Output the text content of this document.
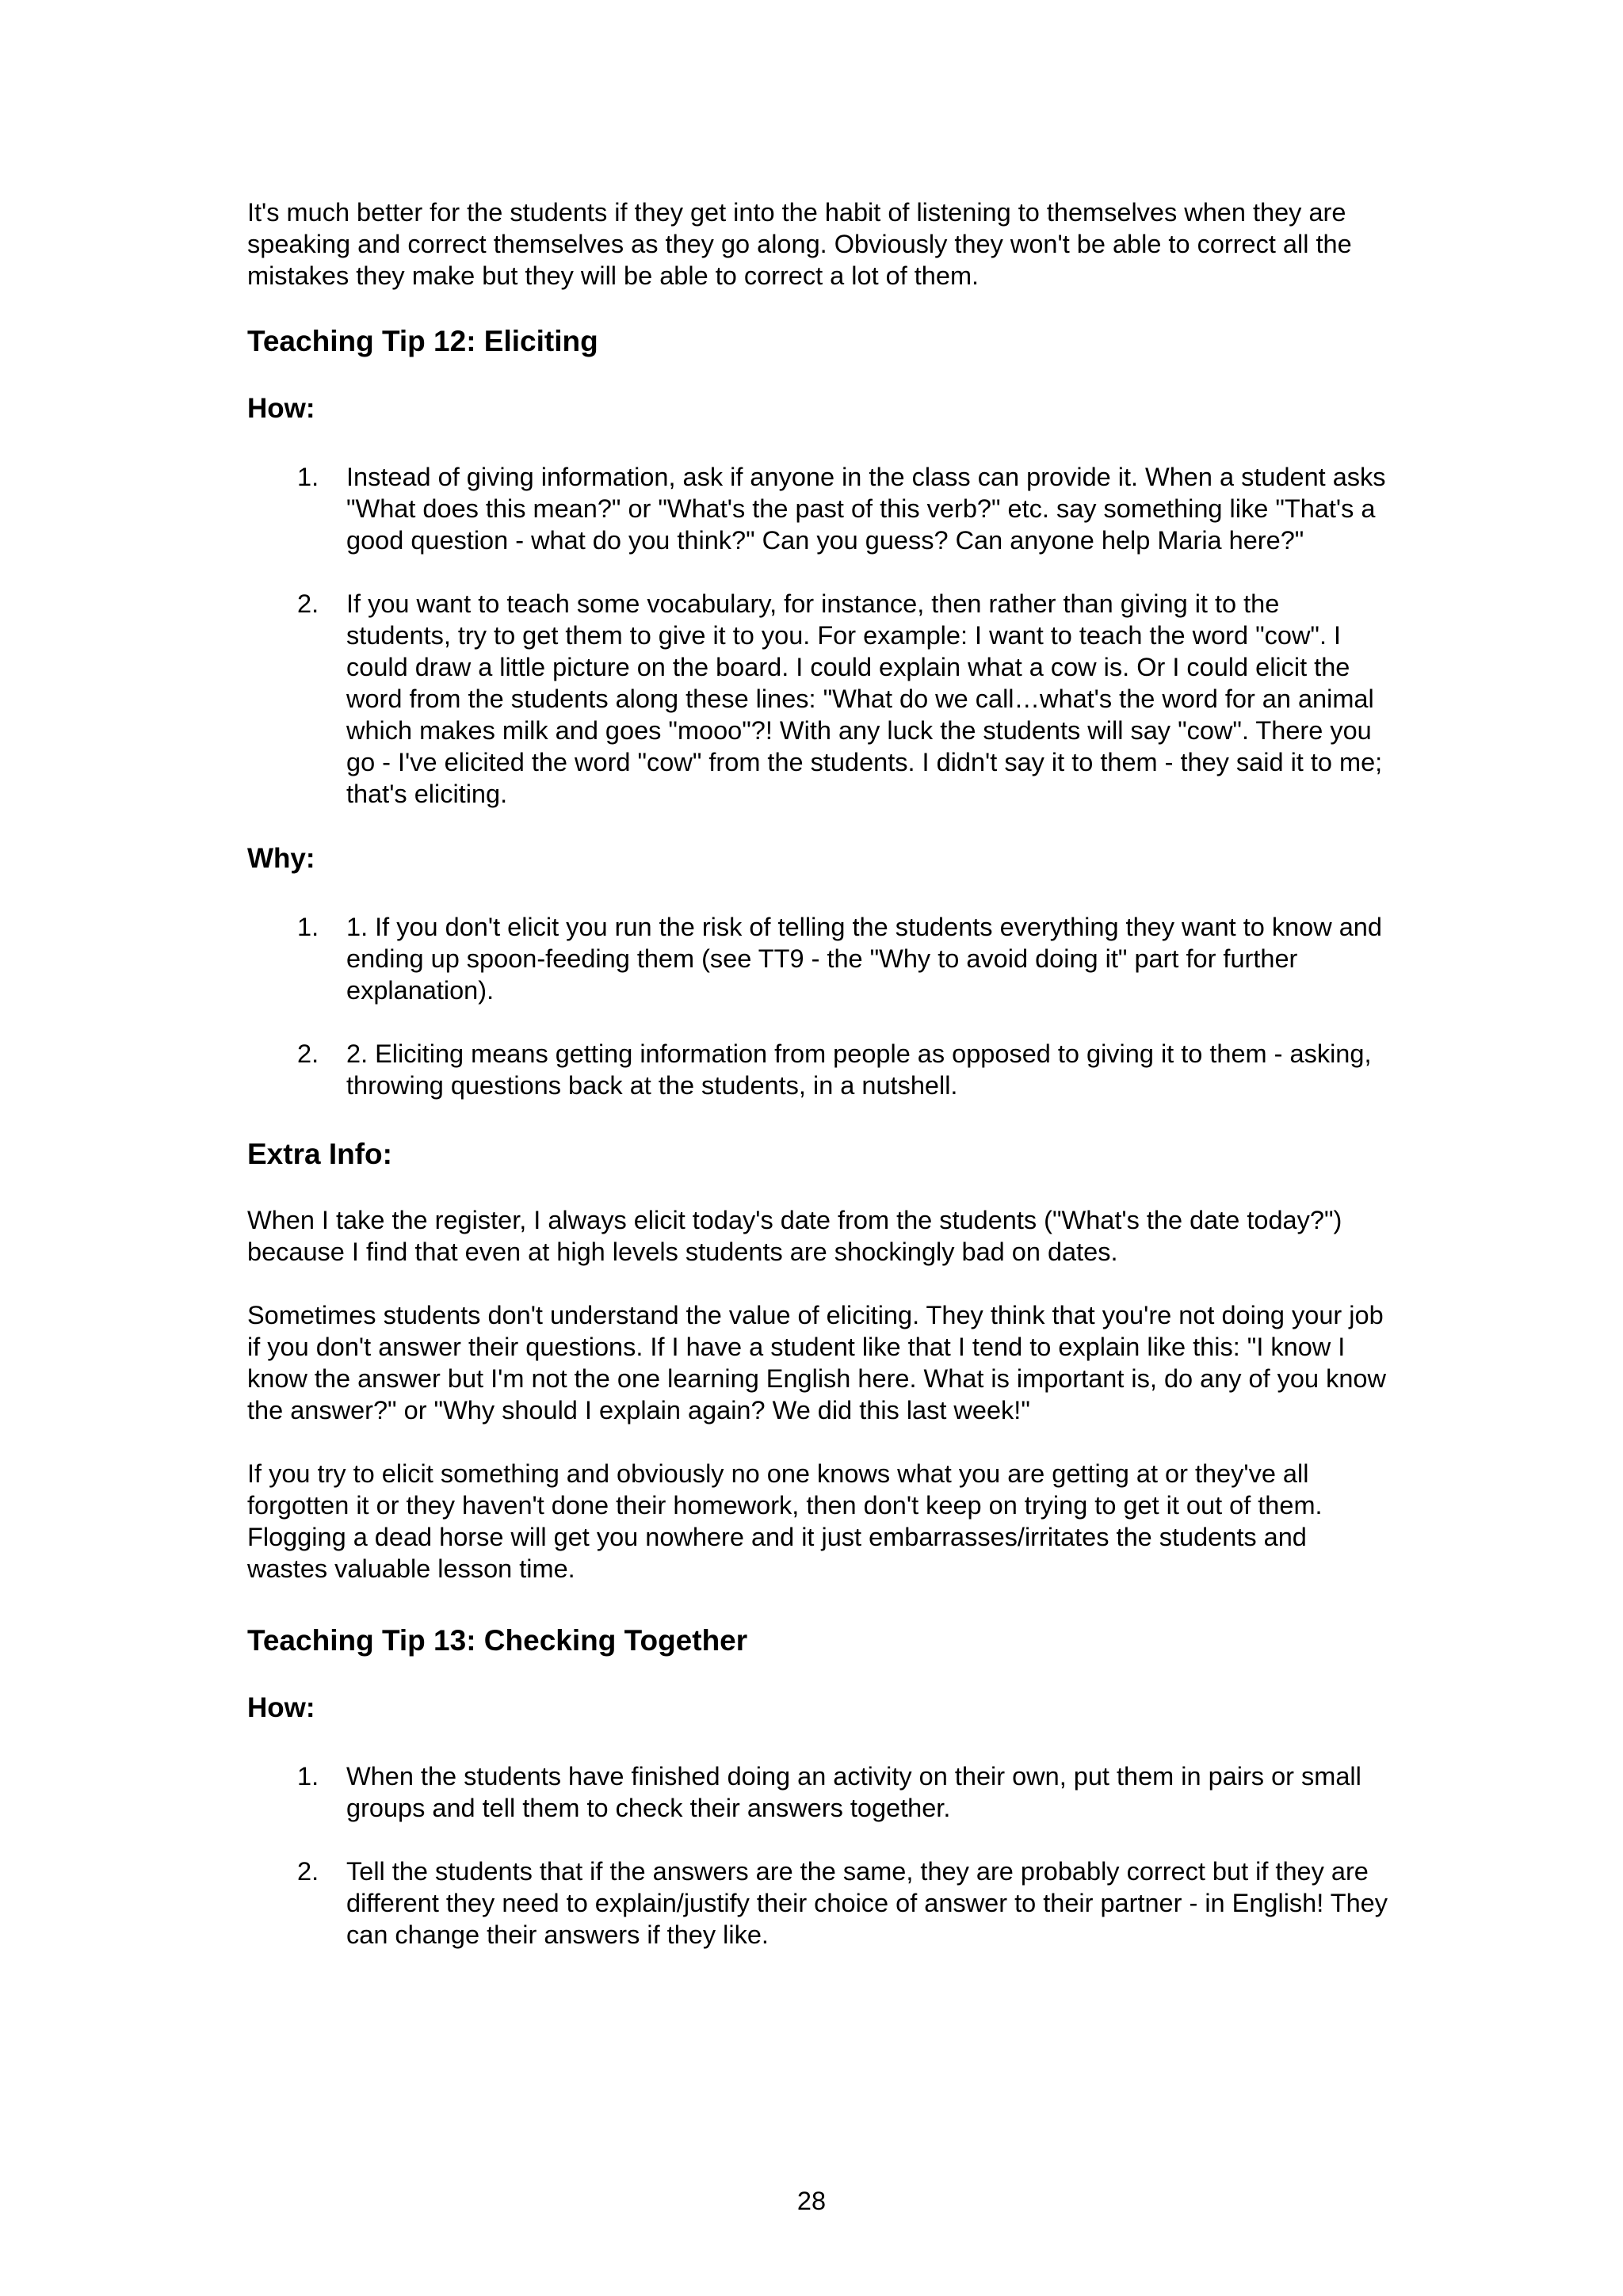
It's much better for the students if they get into the habit of listening to themselves when they are speaking and correct themselves as they go along. Obviously they won't be able to correct all the mistakes they make but they will be able to correct a lot of them.

Teaching Tip 12: Eliciting
How:
1. Instead of giving information, ask if anyone in the class can provide it. When a student asks "What does this mean?" or "What's the past of this verb?" etc. say something like "That's a good question - what do you think?" Can you guess? Can anyone help Maria here?"
2. If you want to teach some vocabulary, for instance, then rather than giving it to the students, try to get them to give it to you. For example: I want to teach the word "cow". I could draw a little picture on the board. I could explain what a cow is. Or I could elicit the word from the students along these lines: "What do we call…what's the word for an animal which makes milk and goes "mooo"?! With any luck the students will say "cow". There you go - I've elicited the word "cow" from the students. I didn't say it to them - they said it to me; that's eliciting.
Why:
1. 1. If you don't elicit you run the risk of telling the students everything they want to know and ending up spoon-feeding them (see TT9 - the "Why to avoid doing it" part for further explanation).
2. 2. Eliciting means getting information from people as opposed to giving it to them - asking, throwing questions back at the students, in a nutshell.
Extra Info:

When I take the register, I always elicit today's date from the students ("What's the date today?") because I find that even at high levels students are shockingly bad on dates.

Sometimes students don't understand the value of eliciting. They think that you're not doing your job if you don't answer their questions. If I have a student like that I tend to explain like this: "I know I know the answer but I'm not the one learning English here. What is important is, do any of you know the answer?" or "Why should I explain again? We did this last week!"

If you try to elicit something and obviously no one knows what you are getting at or they've all forgotten it or they haven't done their homework, then don't keep on trying to get it out of them. Flogging a dead horse will get you nowhere and it just embarrasses/irritates the students and wastes valuable lesson time.

Teaching Tip 13: Checking Together
How:
1. When the students have finished doing an activity on their own, put them in pairs or small groups and tell them to check their answers together.
2. Tell the students that if the answers are the same, they are probably correct but if they are different they need to explain/justify their choice of answer to their partner - in English! They can change their answers if they like.
28
